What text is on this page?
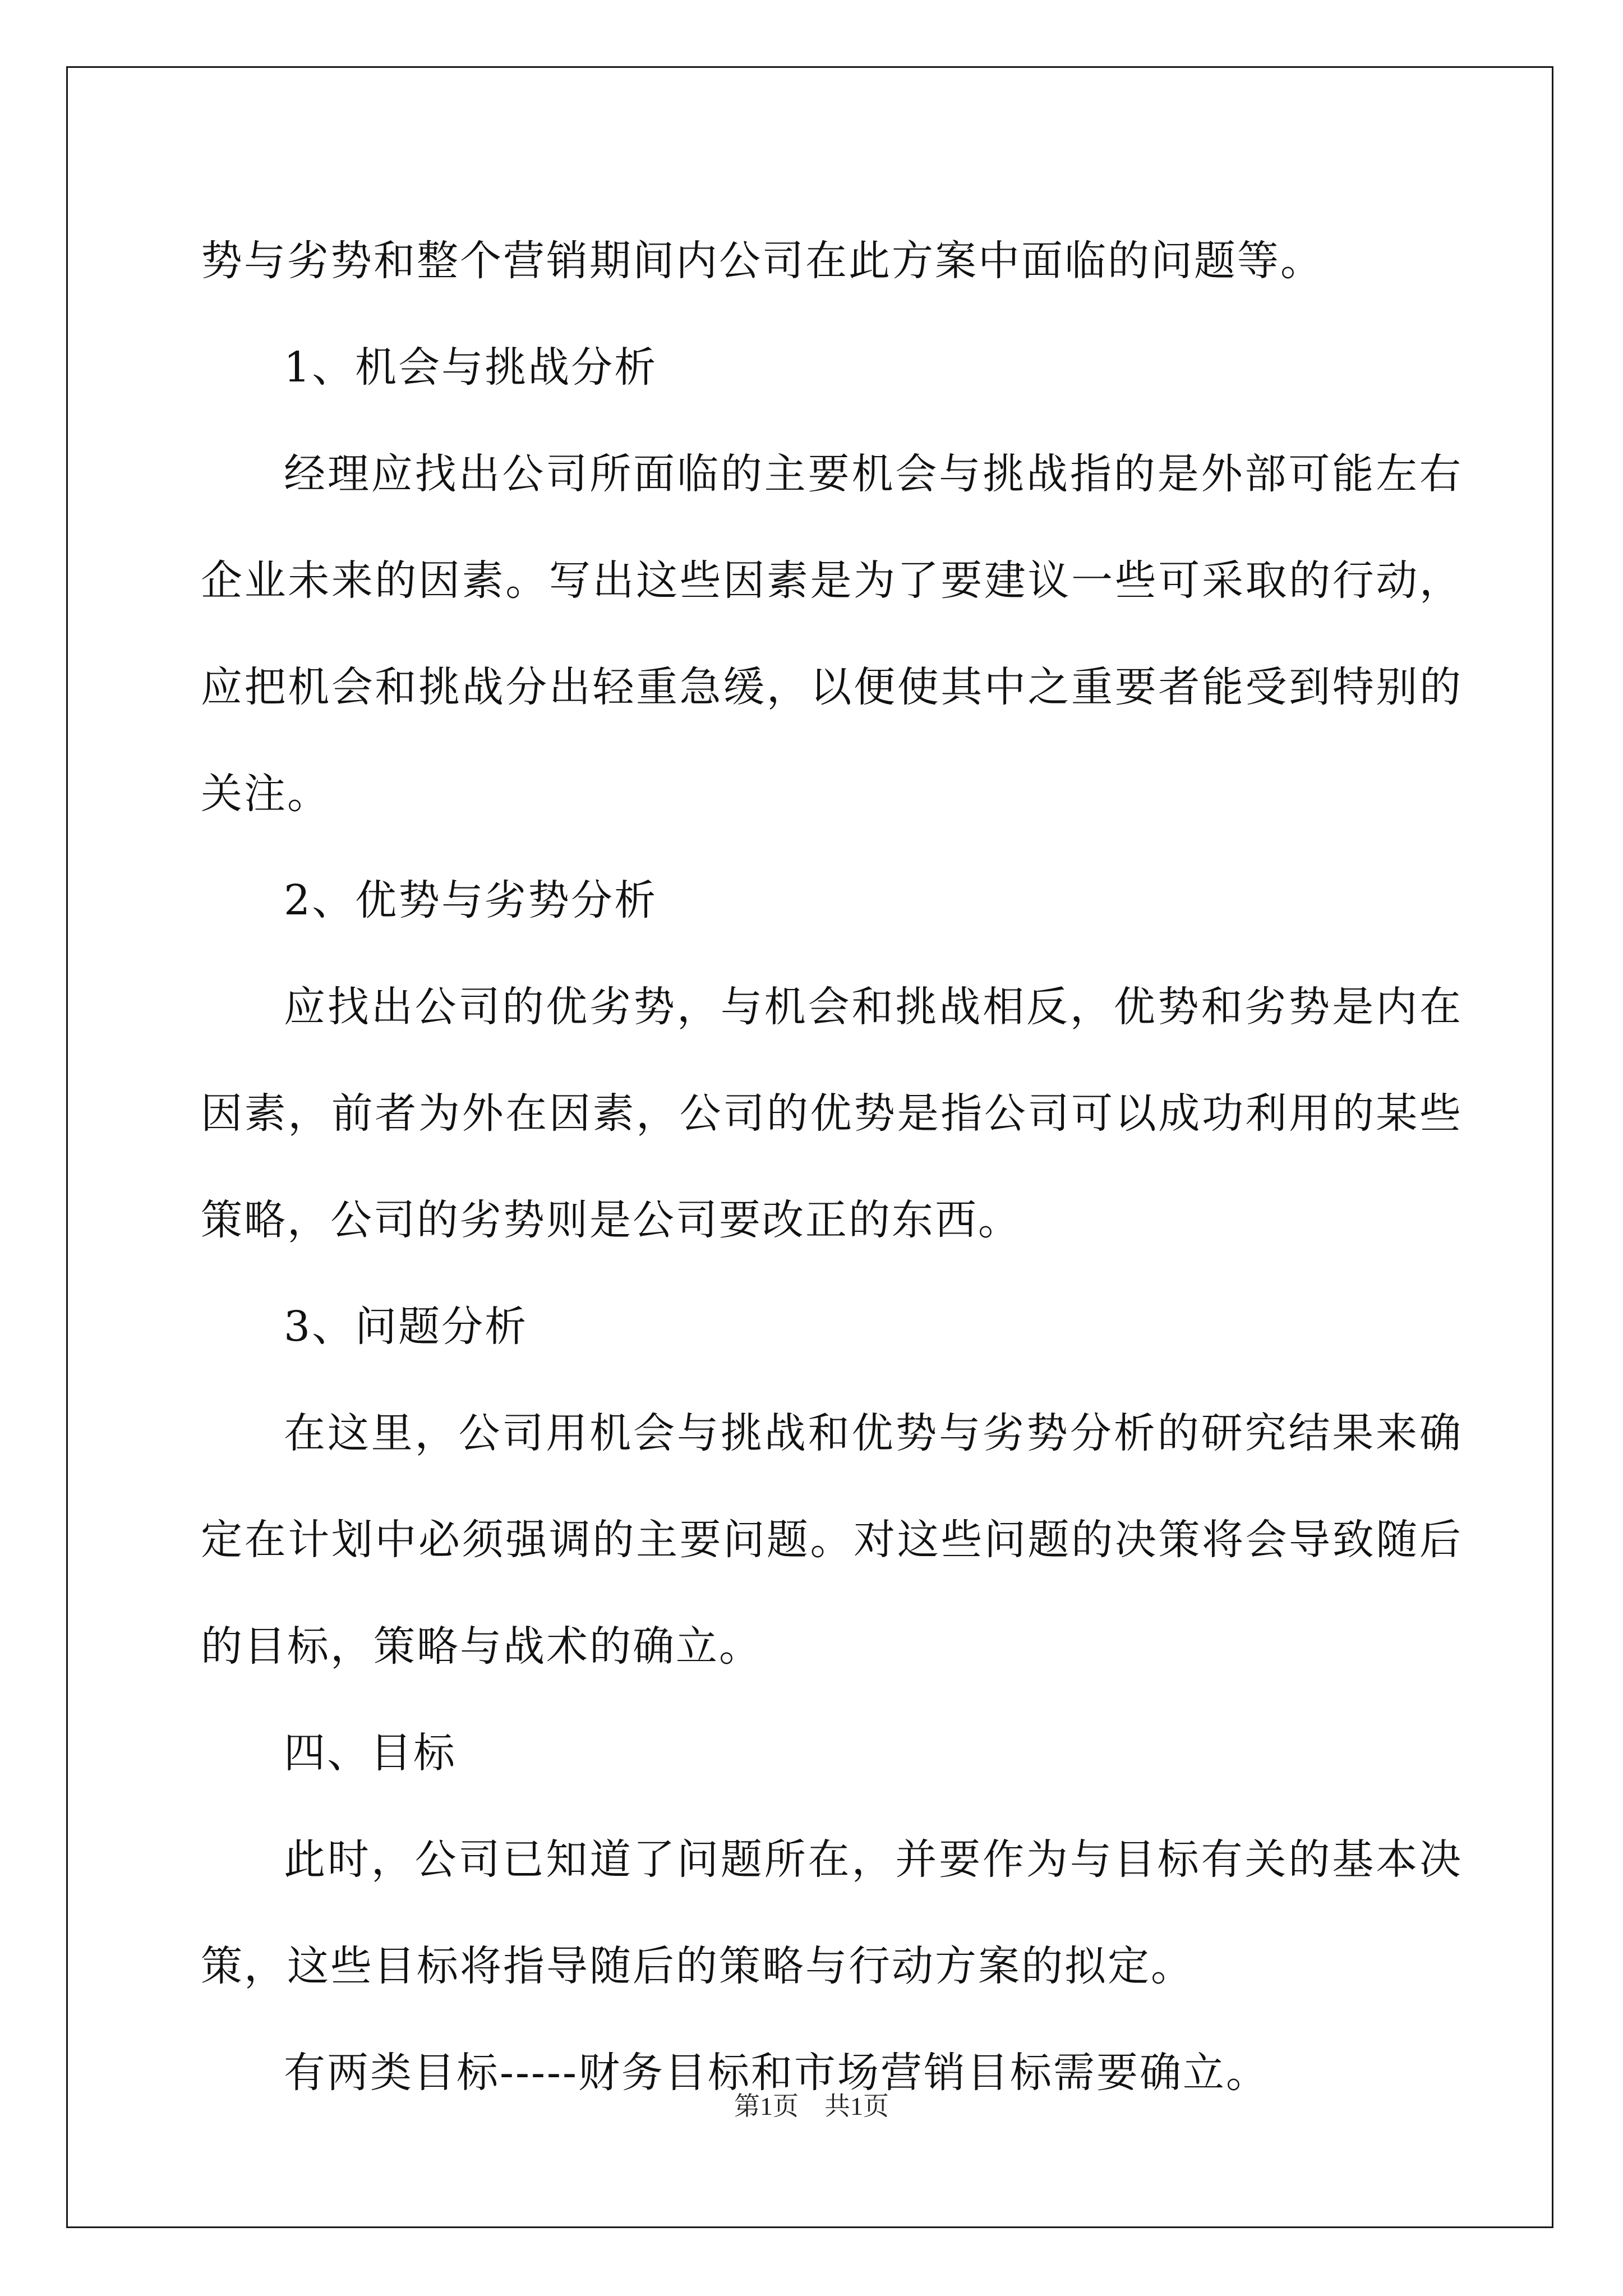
势与劣势和整个营销期间内公司在此方案中面临的问题等。

1、机会与挑战分析

经理应找出公司所面临的主要机会与挑战指的是外部可能左右企业未来的因素。写出这些因素是为了要建议一些可采取的行动，应把机会和挑战分出轻重急缓，以便使其中之重要者能受到特别的关注。

2、优势与劣势分析

应找出公司的优劣势，与机会和挑战相反，优势和劣势是内在因素，前者为外在因素，公司的优势是指公司可以成功利用的某些策略，公司的劣势则是公司要改正的东西。

3、问题分析

在这里，公司用机会与挑战和优势与劣势分析的研究结果来确定在计划中必须强调的主要问题。对这些问题的决策将会导致随后的目标，策略与战术的确立。

四、目标

此时，公司已知道了问题所在，并要作为与目标有关的基本决策，这些目标将指导随后的策略与行动方案的拟定。

有两类目标-----财务目标和市场营销目标需要确立。

第1页　共1页
